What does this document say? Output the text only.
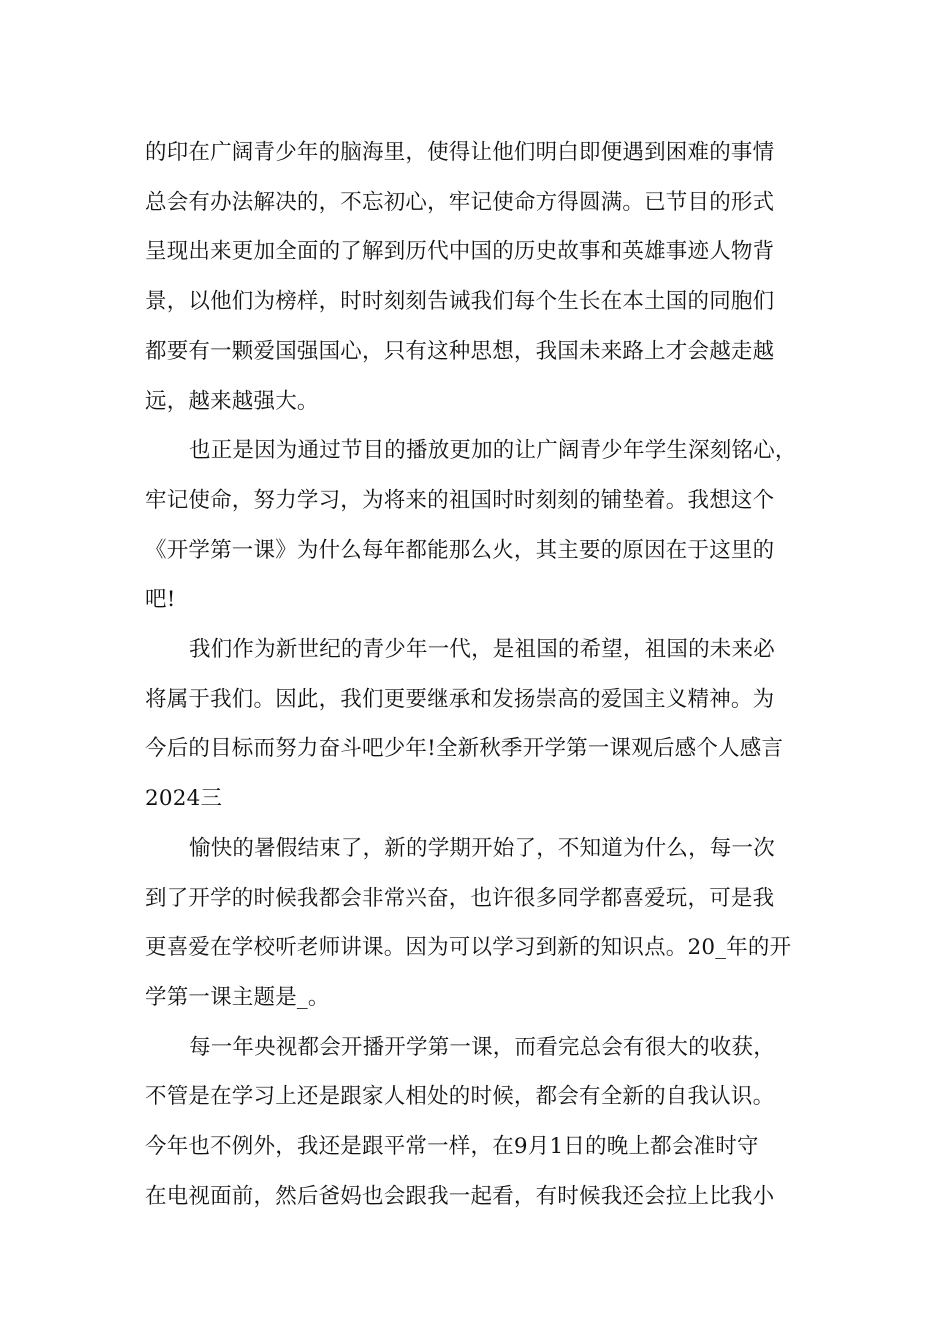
的印在广阔青少年的脑海里，使得让他们明白即便遇到困难的事情
总会有办法解决的，不忘初心，牢记使命方得圆满。已节目的形式
呈现出来更加全面的了解到历代中国的历史故事和英雄事迹人物背
景，以他们为榜样，时时刻刻告诫我们每个生长在本土国的同胞们
都要有一颗爱国强国心，只有这种思想，我国未来路上才会越走越
远，越来越强大。
也正是因为通过节目的播放更加的让广阔青少年学生深刻铭心，
牢记使命，努力学习，为将来的祖国时时刻刻的铺垫着。我想这个
《开学第一课》为什么每年都能那么火，其主要的原因在于这里的
吧!
我们作为新世纪的青少年一代，是祖国的希望，祖国的未来必
将属于我们。因此，我们更要继承和发扬崇高的爱国主义精神。为
今后的目标而努力奋斗吧少年!全新秋季开学第一课观后感个人感言
2024三
愉快的暑假结束了，新的学期开始了，不知道为什么，每一次
到了开学的时候我都会非常兴奋，也许很多同学都喜爱玩，可是我
更喜爱在学校听老师讲课。因为可以学习到新的知识点。20_年的开
学第一课主题是_。
每一年央视都会开播开学第一课，而看完总会有很大的收获，
不管是在学习上还是跟家人相处的时候，都会有全新的自我认识。
今年也不例外，我还是跟平常一样，在9月1日的晚上都会准时守
在电视面前，然后爸妈也会跟我一起看，有时候我还会拉上比我小
